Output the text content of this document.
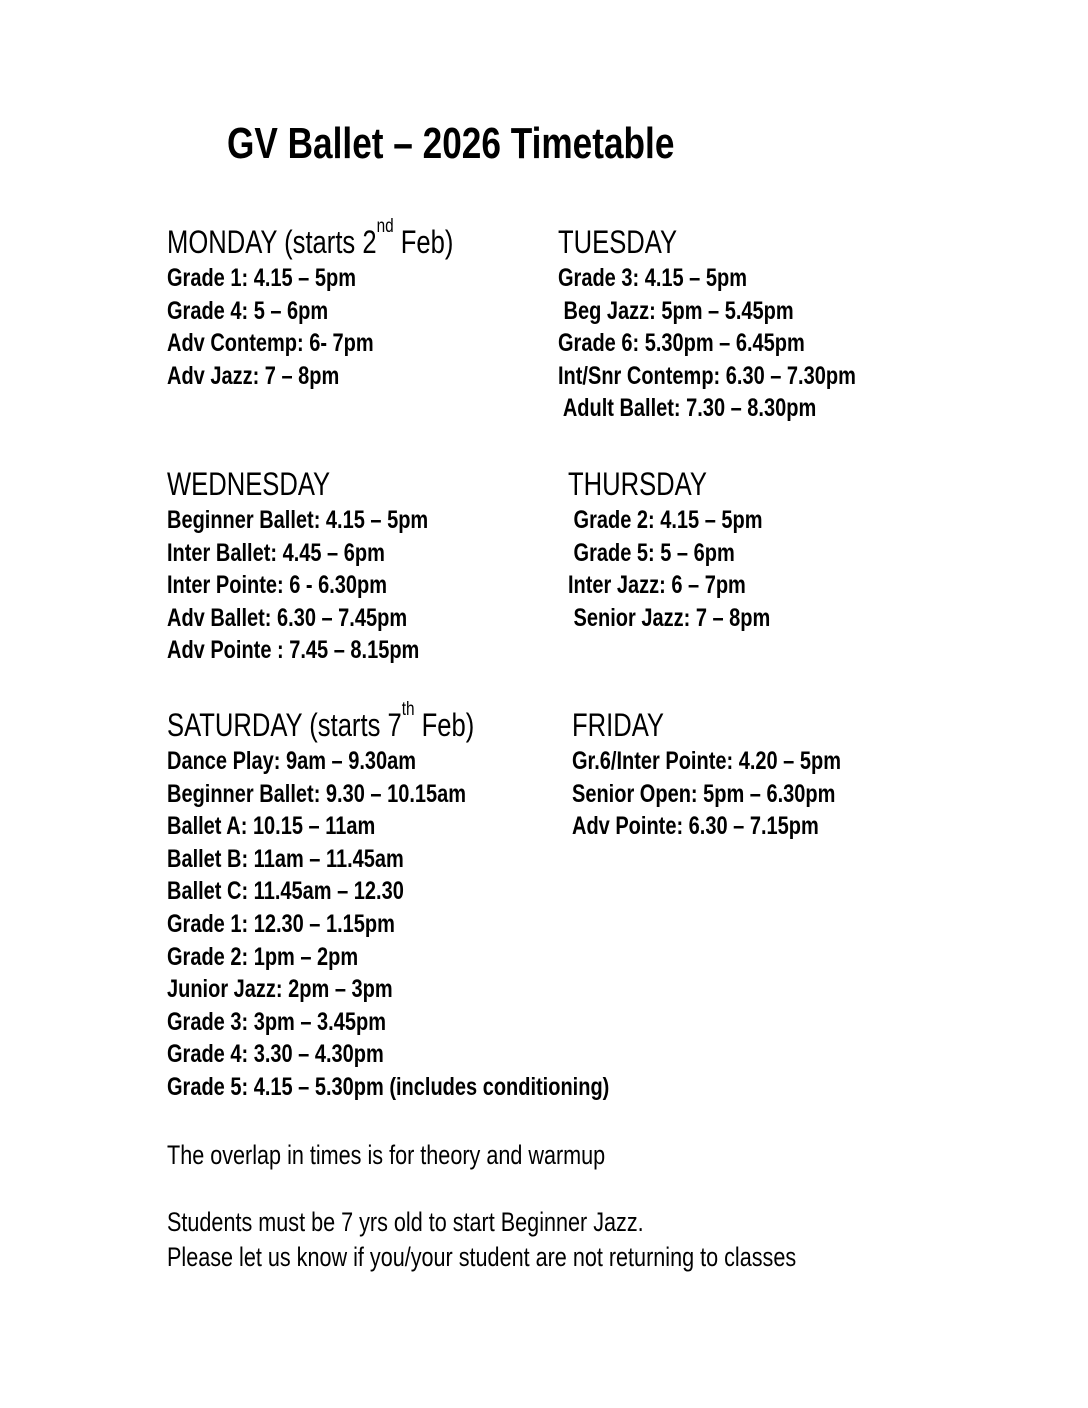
GV Ballet – 2026 Timetable
MONDAY (starts 2nd Feb)
Grade 1: 4.15 – 5pm
Grade 4: 5 – 6pm
Adv Contemp: 6- 7pm
Adv Jazz: 7 – 8pm
TUESDAY
Grade 3: 4.15 – 5pm
Beg Jazz: 5pm – 5.45pm
Grade 6: 5.30pm – 6.45pm
Int/Snr Contemp: 6.30 – 7.30pm
Adult Ballet: 7.30 – 8.30pm
WEDNESDAY
Beginner Ballet: 4.15 – 5pm
Inter Ballet: 4.45 – 6pm
Inter Pointe: 6 - 6.30pm
Adv Ballet: 6.30 – 7.45pm
Adv Pointe : 7.45 – 8.15pm
THURSDAY
Grade 2: 4.15 – 5pm
Grade 5: 5 – 6pm
Inter Jazz: 6 – 7pm
Senior Jazz: 7 – 8pm
SATURDAY (starts 7th Feb)
Dance Play: 9am – 9.30am
Beginner Ballet: 9.30 – 10.15am
Ballet A: 10.15 – 11am
Ballet B: 11am – 11.45am
Ballet C: 11.45am – 12.30
Grade 1: 12.30 – 1.15pm
Grade 2: 1pm – 2pm
Junior Jazz: 2pm – 3pm
Grade 3: 3pm – 3.45pm
Grade 4: 3.30 – 4.30pm
Grade 5: 4.15 – 5.30pm (includes conditioning)
FRIDAY
Gr.6/Inter Pointe: 4.20 – 5pm
Senior Open: 5pm – 6.30pm
Adv Pointe: 6.30 – 7.15pm

The overlap in times is for theory and warmup

Students must be 7 yrs old to start Beginner Jazz.
Please let us know if you/your student are not returning to classes
